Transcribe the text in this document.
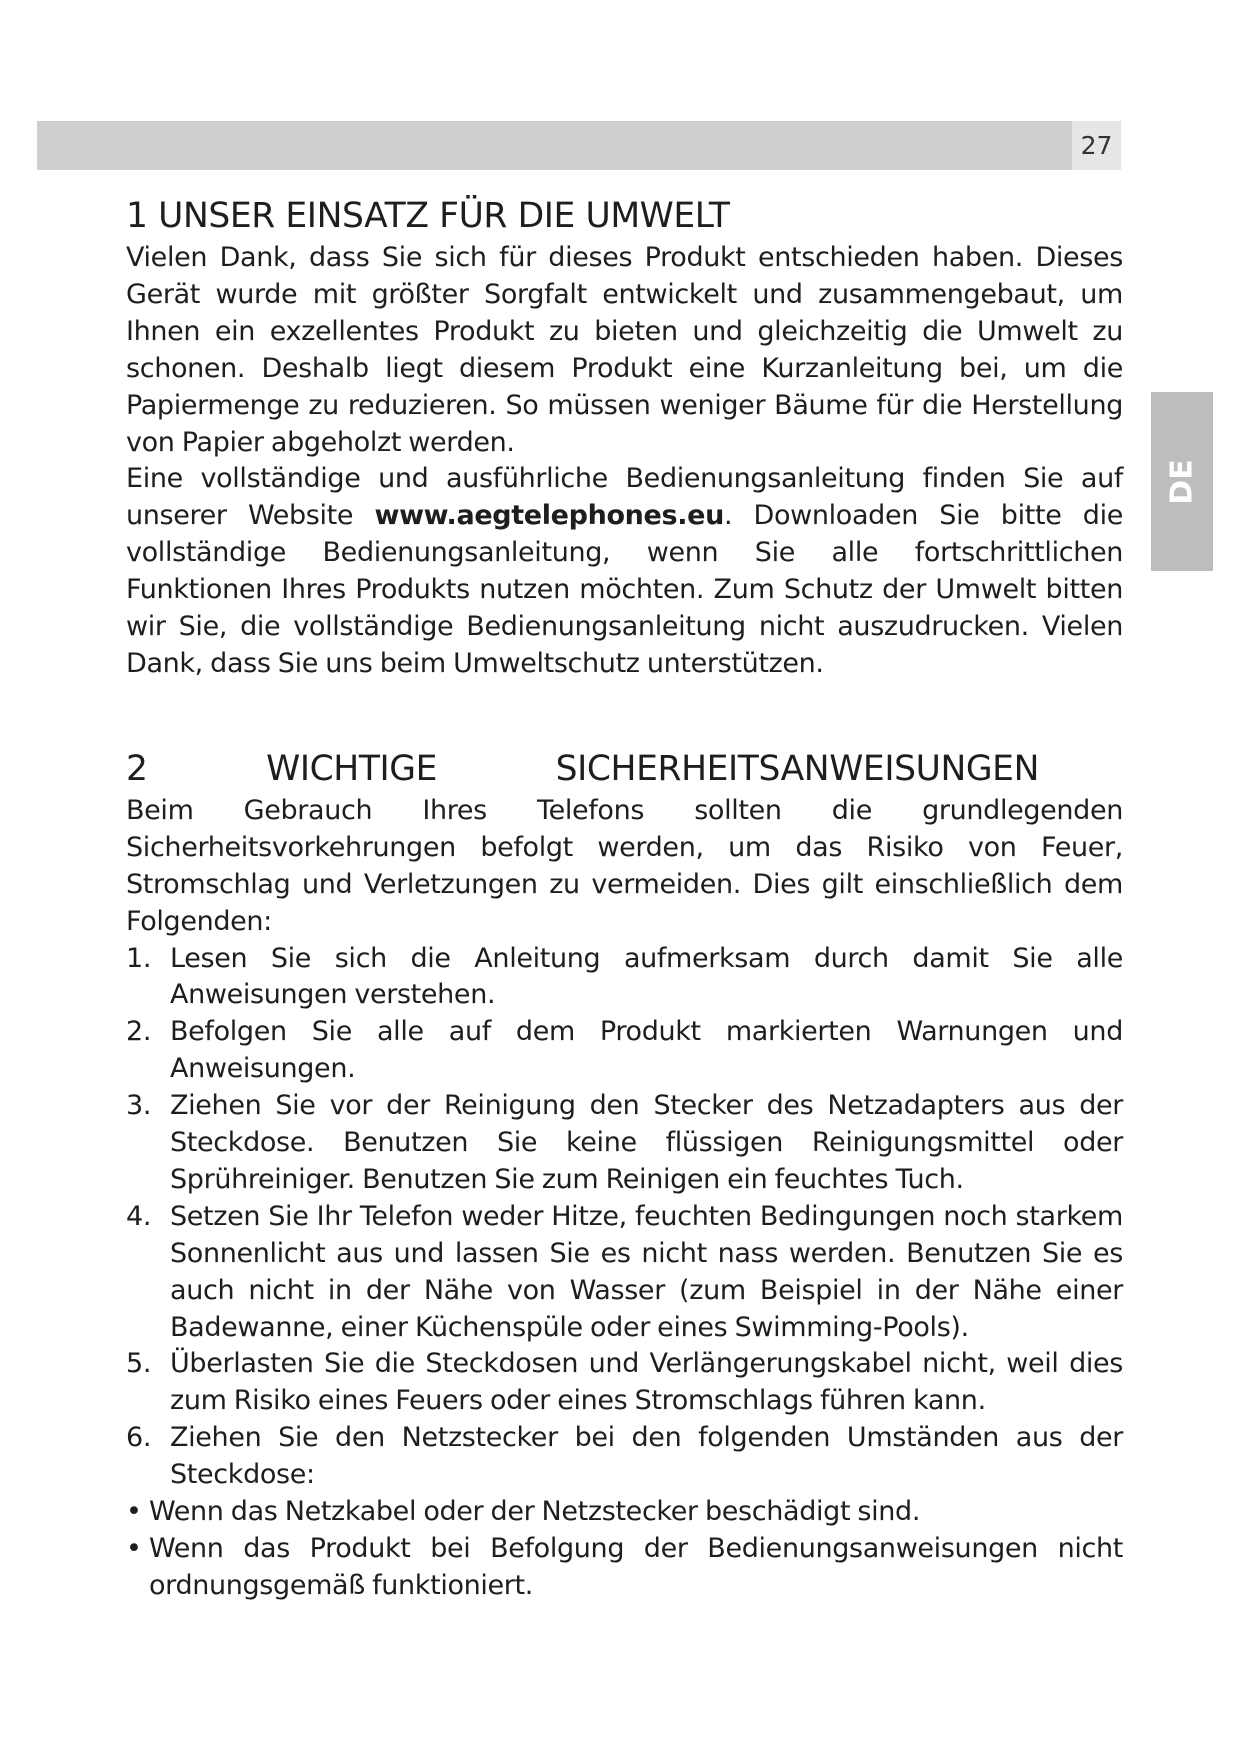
27
DE
1 UNSER EINSATZ FÜR DIE UMWELT

Vielen Dank, dass Sie sich für dieses Produkt entschieden haben. Dieses Gerät wurde mit größter Sorgfalt entwickelt und zusammengebaut, um Ihnen ein exzellentes Produkt zu bieten und gleichzeitig die Umwelt zu schonen. Deshalb liegt diesem Produkt eine Kurzanleitung bei, um die Papiermenge zu reduzieren. So müssen weniger Bäume für die Herstellung von Papier abgeholzt werden.

Eine vollständige und ausführliche Bedienungsanleitung finden Sie auf unserer Website www.aegtelephones.eu. Downloaden Sie bitte die vollständige Bedienungsanleitung, wenn Sie alle fortschrittlichen Funktionen Ihres Produkts nutzen möchten. Zum Schutz der Umwelt bitten wir Sie, die vollständige Bedienungsanleitung nicht auszudrucken. Vielen Dank, dass Sie uns beim Umweltschutz unterstützen.

2	WICHTIGE	SICHERHEITSANWEISUNGEN

Beim Gebrauch Ihres Telefons sollten die grundlegenden Sicherheitsvorkehrungen befolgt werden, um das Risiko von Feuer, Stromschlag und Verletzungen zu vermeiden. Dies gilt einschließlich dem Folgenden:

1. Lesen Sie sich die Anleitung aufmerksam durch damit Sie alle Anweisungen verstehen.
2. Befolgen Sie alle auf dem Produkt markierten Warnungen und Anweisungen.
3. Ziehen Sie vor der Reinigung den Stecker des Netzadapters aus der Steckdose. Benutzen Sie keine flüssigen Reinigungsmittel oder Sprühreiniger. Benutzen Sie zum Reinigen ein feuchtes Tuch.
4. Setzen Sie Ihr Telefon weder Hitze, feuchten Bedingungen noch starkem Sonnenlicht aus und lassen Sie es nicht nass werden. Benutzen Sie es auch nicht in der Nähe von Wasser (zum Beispiel in der Nähe einer Badewanne, einer Küchenspüle oder eines Swimming-Pools).
5. Überlasten Sie die Steckdosen und Verlängerungskabel nicht, weil dies zum Risiko eines Feuers oder eines Stromschlags führen kann.
6. Ziehen Sie den Netzstecker bei den folgenden Umständen aus der Steckdose:
• Wenn das Netzkabel oder der Netzstecker beschädigt sind.
• Wenn das Produkt bei Befolgung der Bedienungsanweisungen nicht ordnungsgemäß funktioniert.
